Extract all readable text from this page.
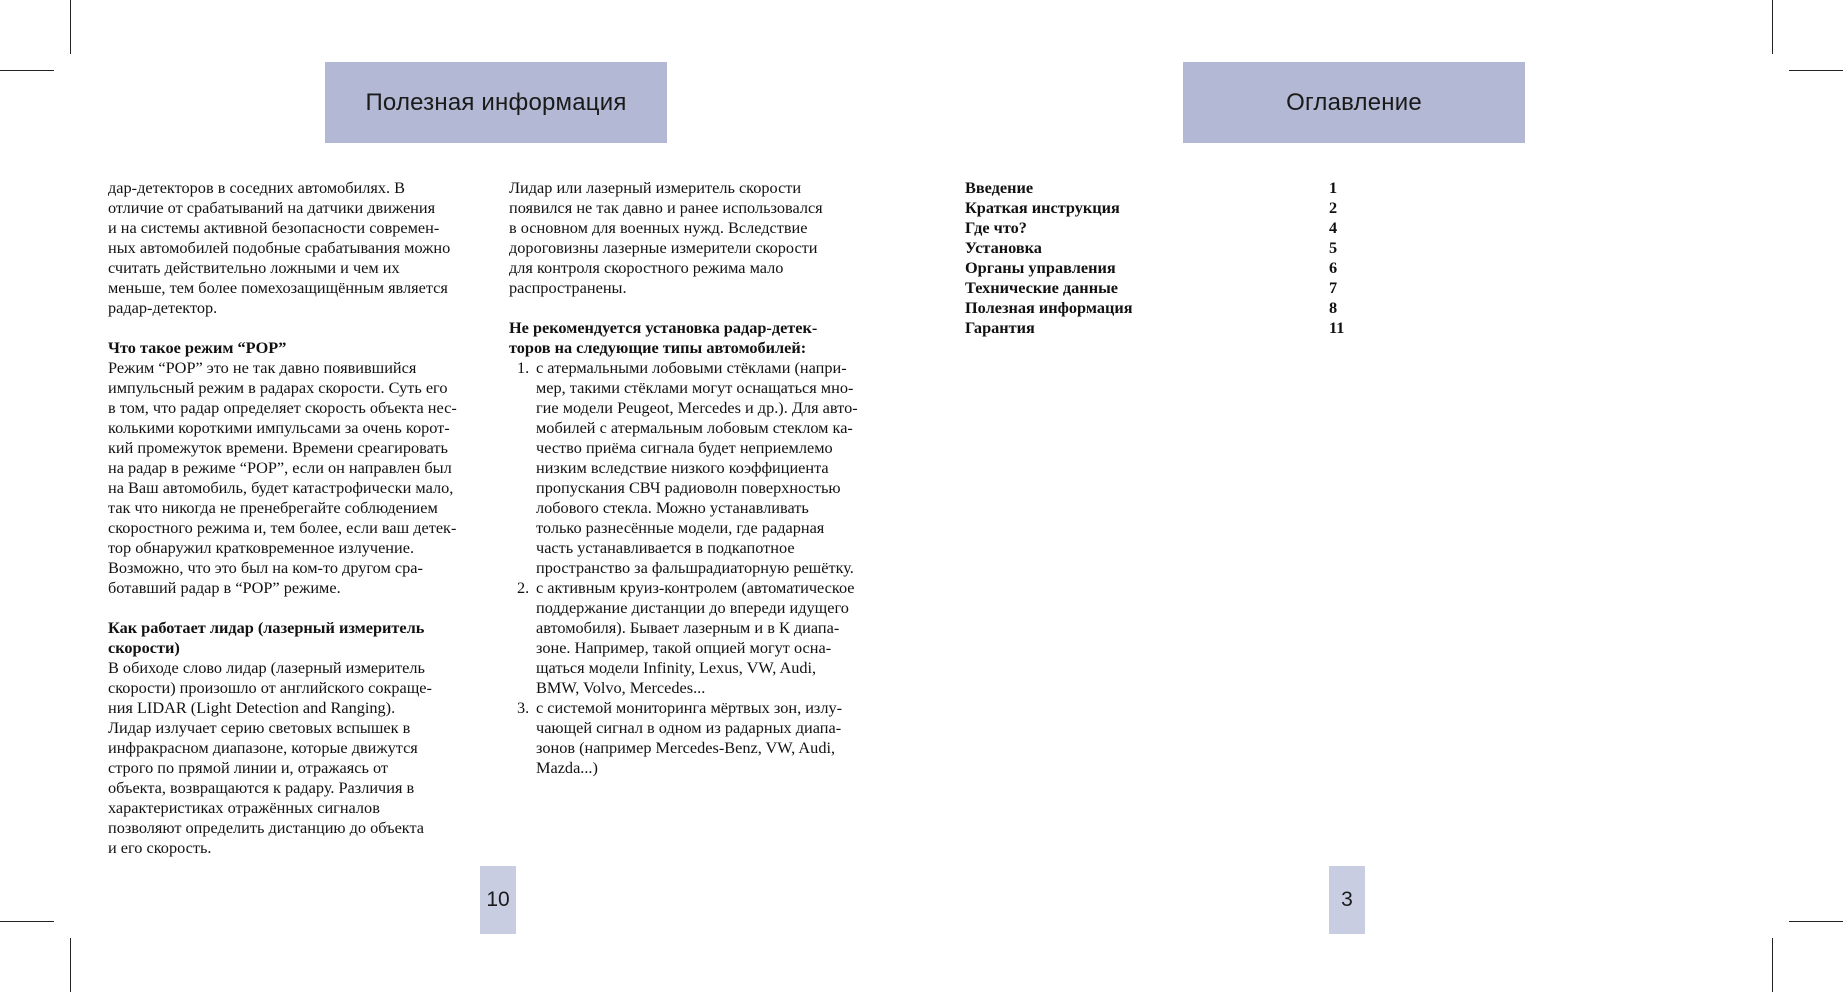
Полезная информация	Оглавление

дар-детекторов в соседних автомобилях. В

отличие от срабатываний на датчики движения

и на системы активной безопасности современ-

ных автомобилей подобные срабатывания можно

считать действительно ложными и чем их

меньше, тем более помехозащищённым является

радар-детектор.

Что такое режим “POP”

Режим “POP” это не так давно появившийся

импульсный режим в радарах скорости. Суть его

в том, что радар определяет скорость объекта нес-

колькими короткими импульсами за очень корот-

кий промежуток времени. Времени среагировать

на радар в режиме “POP”, если он направлен был

на Ваш автомобиль, будет катастрофически мало,

так что никогда не пренебрегайте соблюдением

скоростного режима и, тем более, если ваш детек-

тор обнаружил кратковременное излучение.

Возможно, что это был на ком-то другом сра-

ботавший радар в “POP” режиме.

Как работает лидар (лазерный измеритель

скорости)

В обиходе слово лидар (лазерный измеритель

скорости) произошло от английского сокраще-

ния LIDAR (Light Detection and Ranging).

Лидар излучает серию световых вспышек в

инфракрасном диапазоне, которые движутся

строго по прямой линии и, отражаясь от

объекта, возвращаются к радару. Различия в

характеристиках отражённых сигналов

позволяют определить дистанцию до объекта

и его скорость.

Лидар или лазерный измеритель скорости

появился не так давно и ранее использовался

в основном для военных нужд. Вследствие

дороговизны лазерные измерители скорости

для контроля скоростного режима мало

распространены.

Не рекомендуется установка радар-детек-

торов на следующие типы автомобилей:

1. с атермальными лобовыми стёклами (напри-

мер, такими стёклами могут оснащаться мно-

гие модели Peugeot, Mercedes и др.). Для авто-

мобилей с атермальным лобовым стеклом ка-

чество приёма сигнала будет неприемлемо

низким вследствие низкого коэффициента

пропускания СВЧ радиоволн поверхностью

лобового стекла. Можно устанавливать

только разнесённые модели, где радарная

часть устанавливается в подкапотное

пространство за фальшрадиаторную решётку.

2. с активным круиз-контролем (автоматическое

поддержание дистанции до впереди идущего

автомобиля). Бывает лазерным и в К диапа-

зоне. Например, такой опцией могут осна-

щаться модели Infinity, Lexus, VW, Audi,

BMW, Volvo, Mercedes...

3. с системой мониторинга мёртвых зон, излу-

чающей сигнал в одном из радарных диапа-

зонов (например Mercedes-Benz, VW, Audi,

Mazda...)

10
Введение	1
Краткая инструкция	2
Где что?	4
Установка	5
Органы управления	6
Технические данные	7
Полезная информация	8
Гарантия	11
3
